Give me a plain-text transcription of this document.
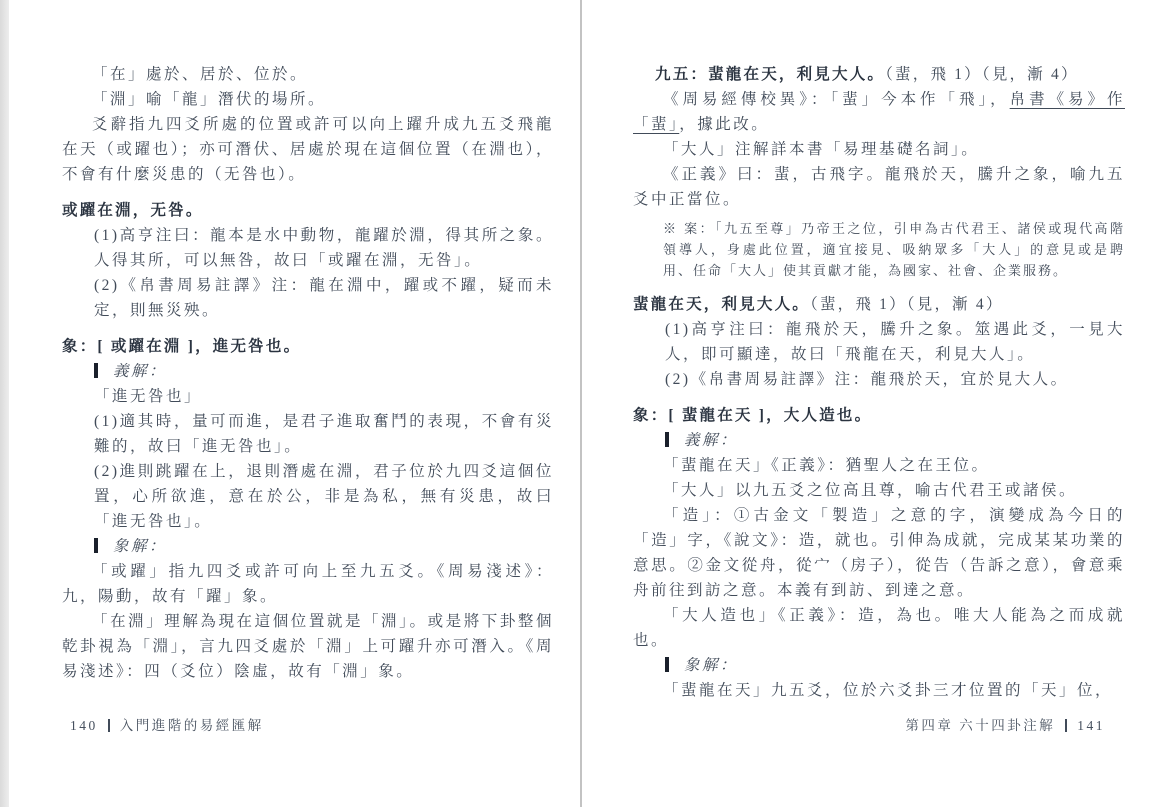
「在」處於、居於、位於。

「淵」喻「龍」潛伏的場所。

爻辭指九四爻所處的位置或許可以向上躍升成九五爻飛龍在天（或躍也）；亦可潛伏、居處於現在這個位置（在淵也），不會有什麼災患的（无咎也）。

或躍在淵，无咎。

(1)高亨注曰：龍本是水中動物，龍躍於淵，得其所之象。人得其所，可以無咎，故曰「或躍在淵，无咎」。

(2)《帛書周易註譯》注：龍在淵中，躍或不躍，疑而未定，則無災殃。

象：[ 或躍在淵 ]，進无咎也。

義解：

「進无咎也」

(1)適其時，量可而進，是君子進取奮鬥的表現，不會有災難的，故曰「進无咎也」。

(2)進則跳躍在上，退則潛處在淵，君子位於九四爻這個位置，心所欲進，意在於公，非是為私，無有災患，故曰「進无咎也」。

象解：

「或躍」指九四爻或許可向上至九五爻。《周易淺述》：九，陽動，故有「躍」象。

「在淵」理解為現在這個位置就是「淵」。或是將下卦整個乾卦視為「淵」，言九四爻處於「淵」上可躍升亦可潛入。《周易淺述》：四（爻位）陰虛，故有「淵」象。

九五：蜚龍在天，利見大人。（蜚，飛 1）（見，漸 4）

《周易經傳校異》：「蜚」今本作「飛」，帛書《易》作「蜚」，據此改。

「大人」注解詳本書「易理基礎名詞」。

《正義》曰：蜚，古飛字。龍飛於天，騰升之象，喻九五爻中正當位。

※ 案：「九五至尊」乃帝王之位，引申為古代君王、諸侯或現代高階領導人，身處此位置，適宜接見、吸納眾多「大人」的意見或是聘用、任命「大人」使其貢獻才能，為國家、社會、企業服務。

蜚龍在天，利見大人。（蜚，飛 1）（見，漸 4）

(1)高亨注曰：龍飛於天，騰升之象。筮遇此爻，一見大人，即可顯達，故曰「飛龍在天，利見大人」。

(2)《帛書周易註譯》注：龍飛於天，宜於見大人。

象：[ 蜚龍在天 ]，大人造也。

義解：

「蜚龍在天」《正義》：猶聖人之在王位。

「大人」以九五爻之位高且尊，喻古代君王或諸侯。

「造」：①古金文「製造」之意的字，演變成為今日的「造」字，《說文》：造，就也。引伸為成就，完成某某功業的意思。②金文從舟，從宀（房子），從告（告訴之意），會意乘舟前往到訪之意。本義有到訪、到達之意。

「大人造也」《正義》：造，為也。唯大人能為之而成就也。

象解：

「蜚龍在天」九五爻，位於六爻卦三才位置的「天」位，

140 入門進階的易經匯解	第四章 六十四卦注解 141
